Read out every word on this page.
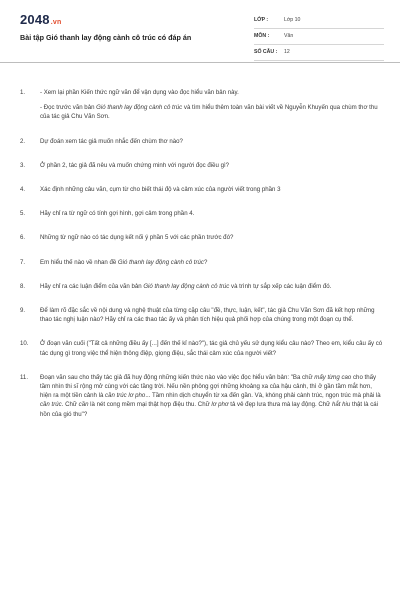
2048.vn
Bài tập Gió thanh lay động cành cô trúc có đáp án
LỚP :	Lớp 10
MÔN :	Văn
SỐ CÂU : 12
1. - Xem lại phần Kiến thức ngữ văn để vận dụng vào đọc hiểu văn bản này.

- Đọc trước văn bản Gió thanh lay động cành cô trúc và tìm hiểu thêm toàn văn bài viết về Nguyễn Khuyến qua chùm thơ thu của tác giả Chu Văn Sơn.

2. Dự đoán xem tác giả muốn nhắc đến chùm thơ nào?

3. Ở phần 2, tác giả đã nêu và muốn chứng minh với người đọc điều gì?

4. Xác định những câu văn, cụm từ cho biết thái độ và cảm xúc của người viết trong phần 3

5. Hãy chỉ ra từ ngữ có tính gợi hình, gợi cảm trong phần 4.

6. Những từ ngữ nào có tác dụng kết nối ý phần 5 với các phần trước đó?

7. Em hiểu thế nào về nhan đề Gió thanh lay động cành cô trúc?

8. Hãy chỉ ra các luận điểm của văn bản Gió thanh lay động cành cô trúc và trình tự sắp xếp các luận điểm đó.

9. Để làm rõ đặc sắc về nội dung và nghệ thuật của từng cặp câu "đề, thực, luận, kết", tác giả Chu Văn Sơn đã kết hợp những thao tác nghị luận nào? Hãy chỉ ra các thao tác ấy và phân tích hiệu quả phối hợp của chúng trong một đoạn cụ thể.

10. Ở đoạn văn cuối ("Tất cả những điều ấy [...] đến thế kỉ nào?"), tác giả chủ yếu sử dụng kiểu câu nào? Theo em, kiểu câu ấy có tác dụng gì trong việc thể hiện thông điệp, giọng điệu, sắc thái cảm xúc của người viết?

11. Đoạn văn sau cho thấy tác giả đã huy động những kiến thức nào vào việc đọc hiểu văn bản: "Ba chữ mấy từng cao cho thấy tầm nhìn thi sĩ rộng mở cùng với các tầng trời. Nếu nền phông gợi những khoảng xa của hậu cảnh, thì ở gần tầm mắt hơn, hiện ra một tiền cảnh là cần trúc lơ pho... Tầm nhìn dịch chuyển từ xa đến gần. Và, khóng phải cành trúc, ngọn trúc mà phải là cần trúc. Chữ cần là nét cong mềm mại thật hợp điệu thu. Chữ lơ phơ tả vẻ đẹp lưa thưa mà lay động. Chữ hắt hiu thật là cái hồn của gió thu"?
